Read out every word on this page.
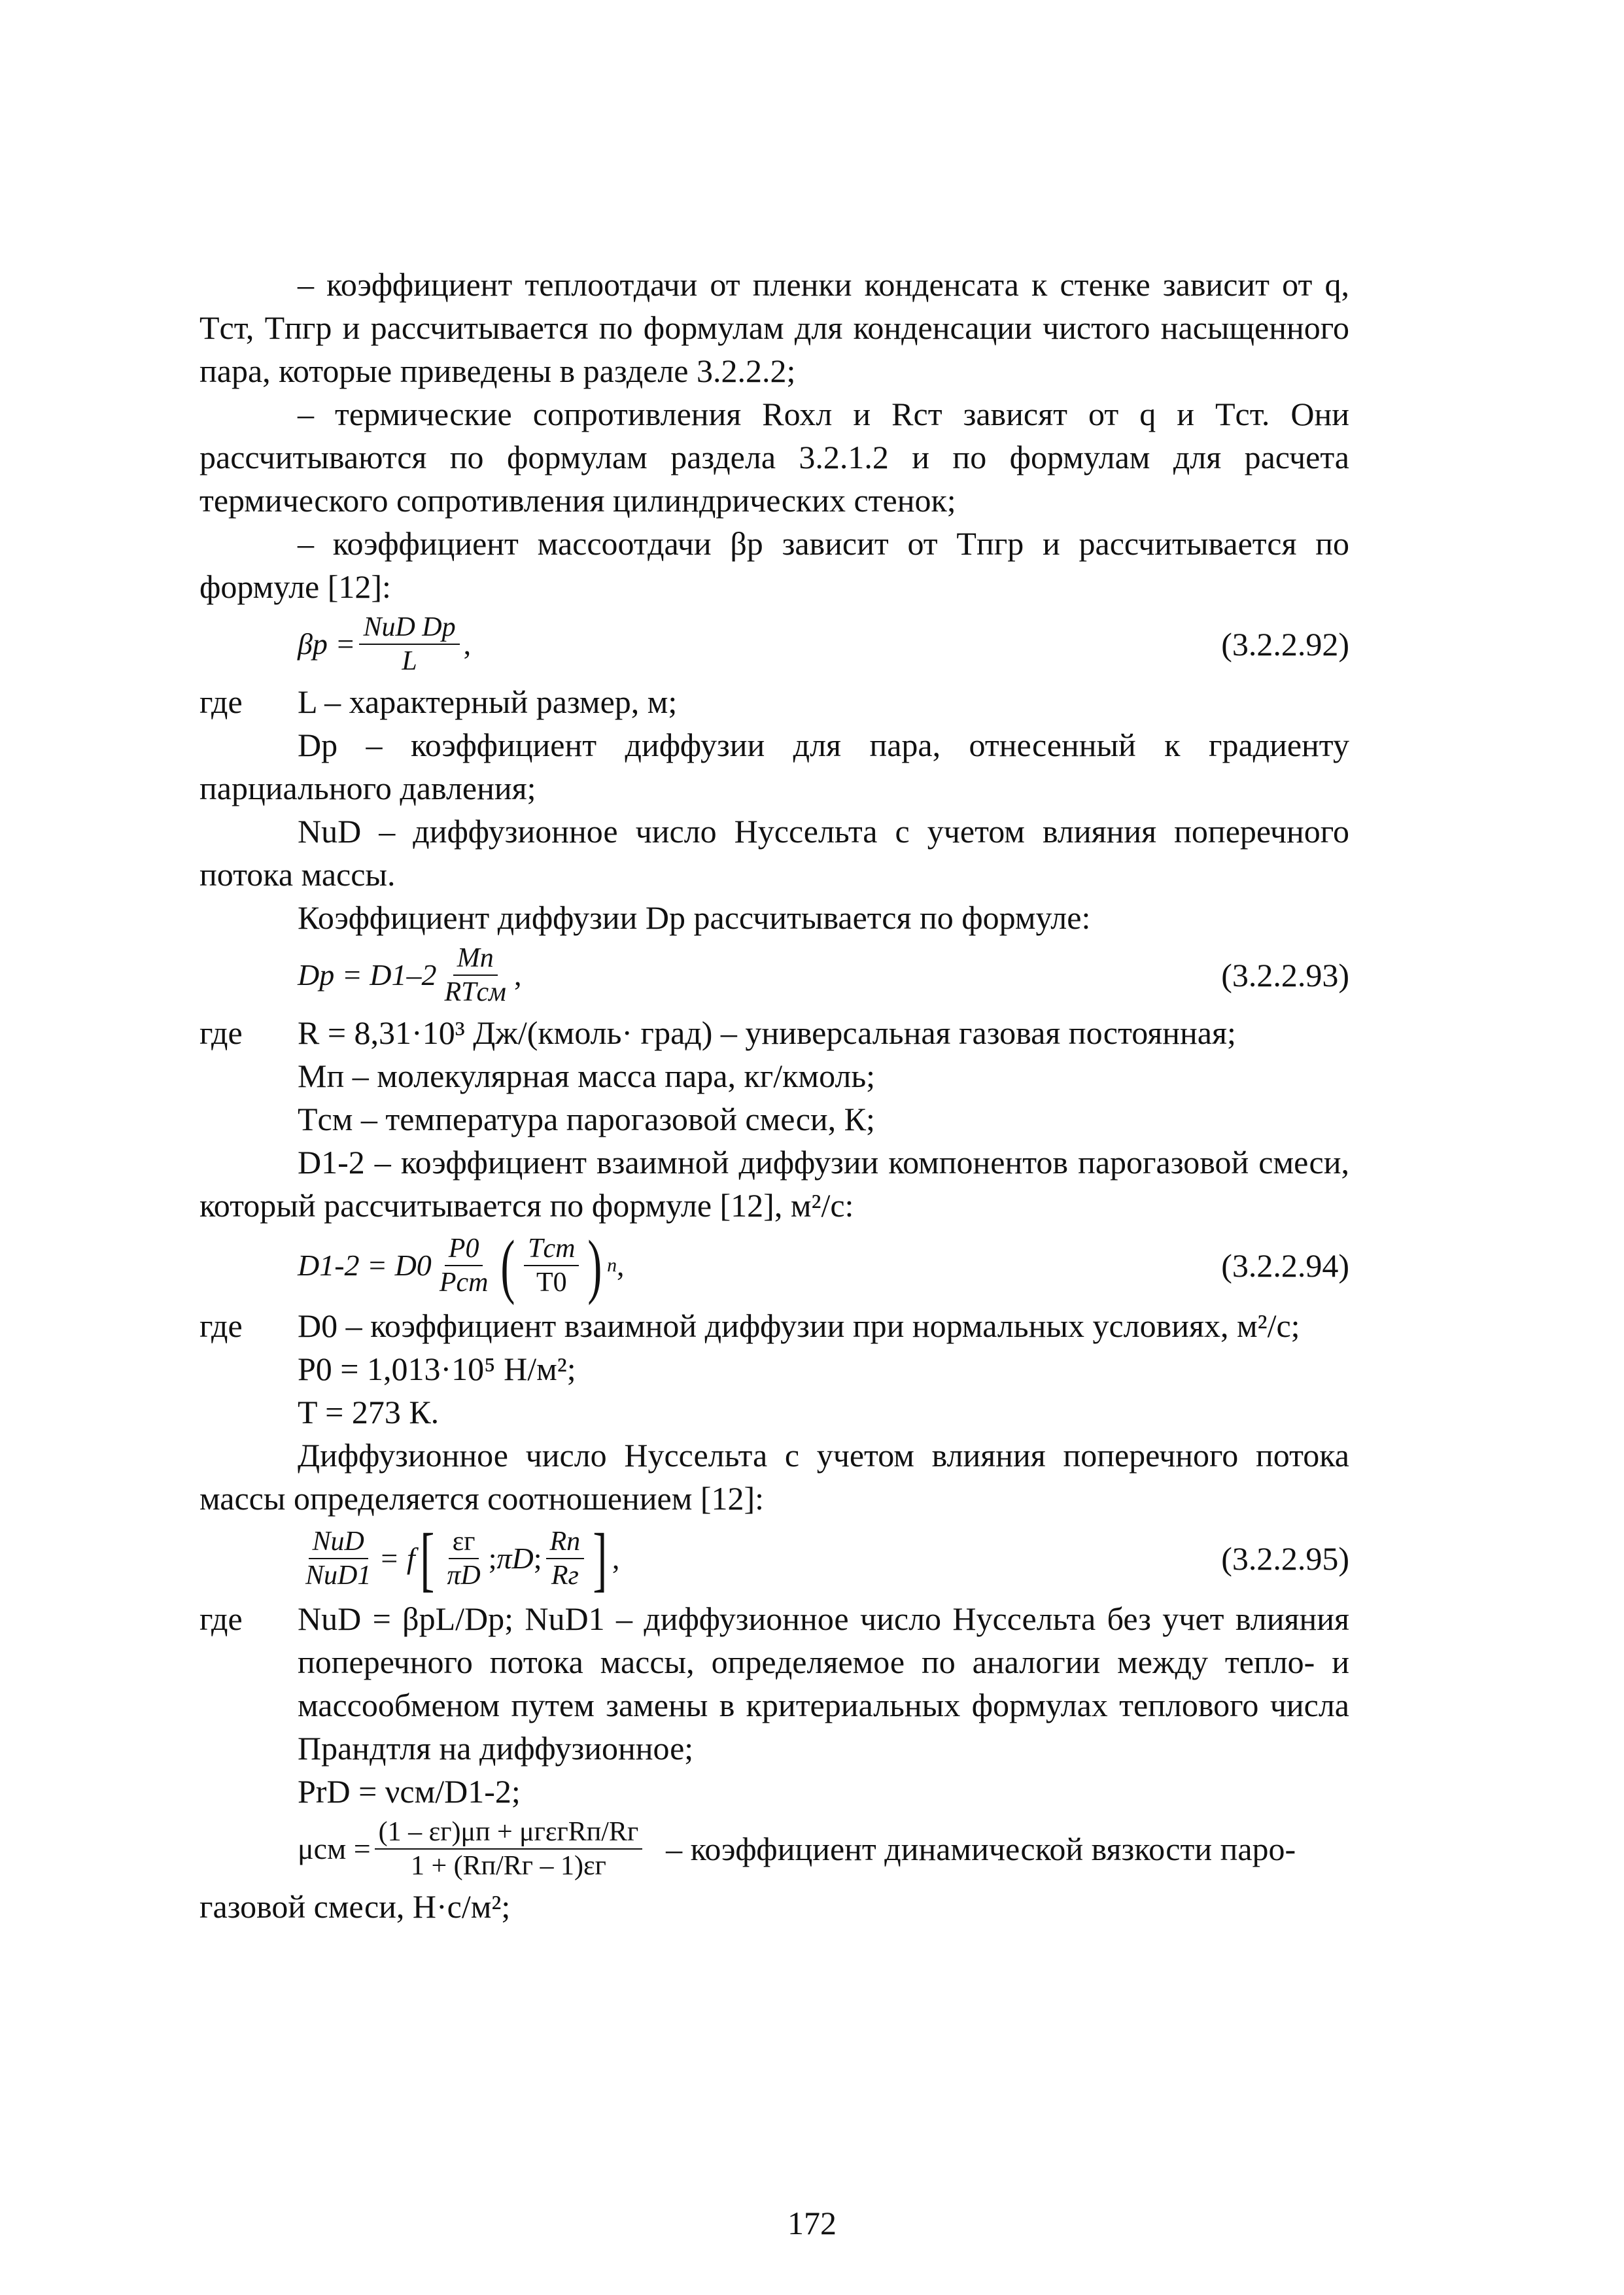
– коэффициент теплоотдачи от пленки конденсата к стенке зависит от q, Tст, Tпгр и рассчитывается по формулам для конденсации чистого насыщенного пара, которые приведены в разделе 3.2.2.2;

– термические сопротивления Rохл и Rст зависят от q и Tст. Они рассчитываются по формулам раздела 3.2.1.2 и по формулам для расчета термического сопротивления цилиндрических стенок;

– коэффициент массоотдачи βp зависит от Tпгр и рассчитывается по формуле [12]:

$\beta p = \frac{\text{NuD Dp}}{L}$ ,	(3.2.2.92)
где	L – характерный размер, м;

Dp – коэффициент диффузии для пара, отнесенный к градиенту парциального давления;

NuD – диффузионное число Нуссельта с учетом влияния поперечного потока массы.

Коэффициент диффузии Dp рассчитывается по формуле:

$Dp = D1-2 \frac{Mп}{\text{RTсм}}$ ,	(3.2.2.93)
где	R = 8,31·10³ Дж/(кмоль· град) – универсальная газовая постоянная;

Mп – молекулярная масса пара, кг/кмоль;

Tсм – температура парогазовой смеси, К;

D1-2 – коэффициент взаимной диффузии компонентов парогазовой смеси, который рассчитывается по формуле [12], м²/с:

$D1-2 = D0 \frac{P0}{\text{Pст}}$ ( $\frac{\text{Tст}}{T0}$ ) n ,	(3.2.2.94)
где	D0 – коэффициент взаимной диффузии при нормальных условиях, м²/с;

P0 = 1,013·10⁵ Н/м²;

T = 273 К.

Диффузионное число Нуссельта с учетом влияния поперечного потока массы определяется соотношением [12]:

$\frac{\text{NuD}}{\text{NuD1}} = f$ [ $\frac{\varepsilon г}{\pi D}$ ; πD ; $\frac{Rп}{Rг}$ ] ,	(3.2.2.95)
где	NuD = βpL/Dp; NuD1 – диффузионное число Нуссельта без учет влияния поперечного потока массы, определяемое по аналогии между тепло- и массообменом путем замены в критериальных формулах теплового числа Прандтля на диффузионное;

PrD = νсм/D1-2;

$\mu см = \frac{\text{(1 – εг)μп + μгεгRп/Rг}}{1 + (Rп/Rг - 1)\varepsilon г}$ – коэффициент динамической вязкости паро-

газовой смеси, Н·с/м²;

172
